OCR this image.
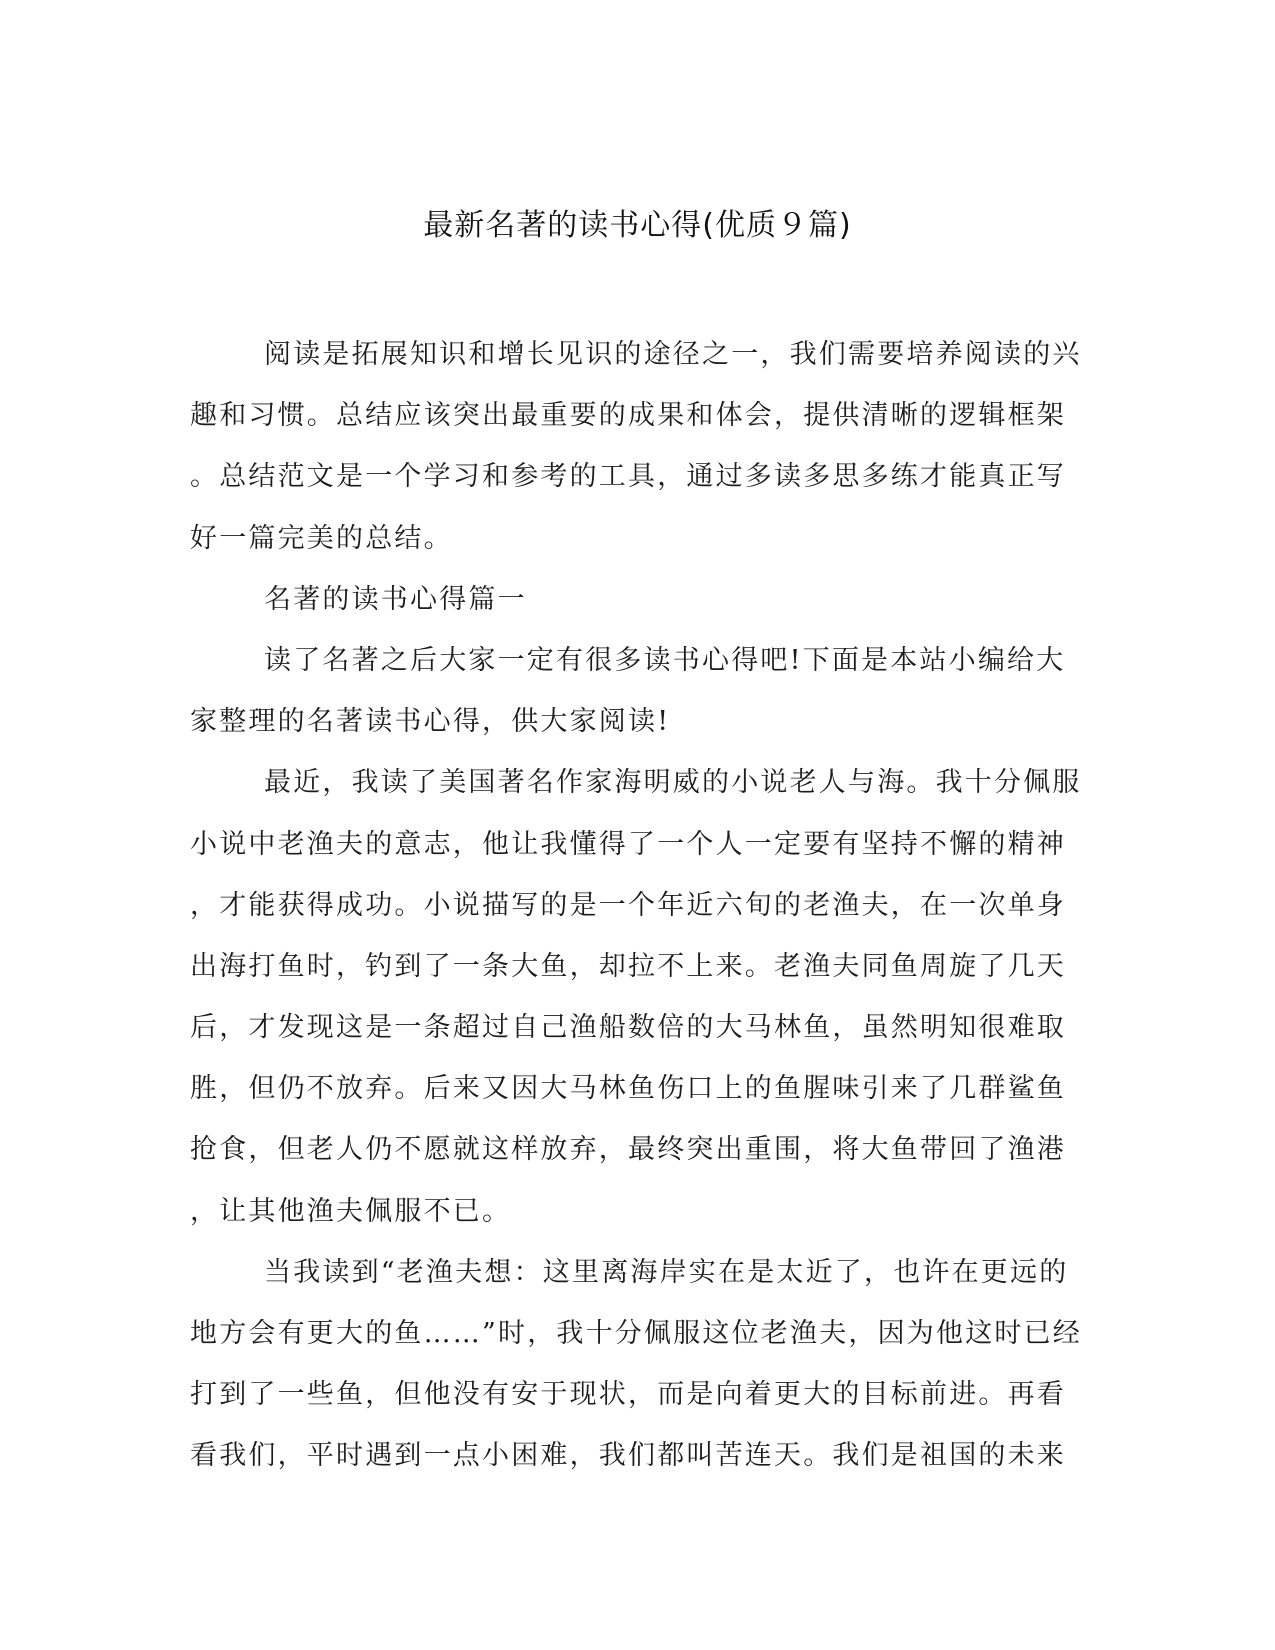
最新名著的读书心得(优质９篇)
阅读是拓展知识和增长见识的途径之一，我们需要培养阅读的兴
趣和习惯。总结应该突出最重要的成果和体会，提供清晰的逻辑框架
。总结范文是一个学习和参考的工具，通过多读多思多练才能真正写
好一篇完美的总结。
名著的读书心得篇一
读了名著之后大家一定有很多读书心得吧!下面是本站小编给大
家整理的名著读书心得，供大家阅读!
最近，我读了美国著名作家海明威的小说老人与海。我十分佩服
小说中老渔夫的意志，他让我懂得了一个人一定要有坚持不懈的精神
，才能获得成功。小说描写的是一个年近六旬的老渔夫，在一次单身
出海打鱼时，钓到了一条大鱼，却拉不上来。老渔夫同鱼周旋了几天
后，才发现这是一条超过自己渔船数倍的大马林鱼，虽然明知很难取
胜，但仍不放弃。后来又因大马林鱼伤口上的鱼腥味引来了几群鲨鱼
抢食，但老人仍不愿就这样放弃，最终突出重围，将大鱼带回了渔港
，让其他渔夫佩服不已。
当我读到“老渔夫想：这里离海岸实在是太近了，也许在更远的
地方会有更大的鱼……”时，我十分佩服这位老渔夫，因为他这时已经
打到了一些鱼，但他没有安于现状，而是向着更大的目标前进。再看
看我们，平时遇到一点小困难，我们都叫苦连天。我们是祖国的未来
